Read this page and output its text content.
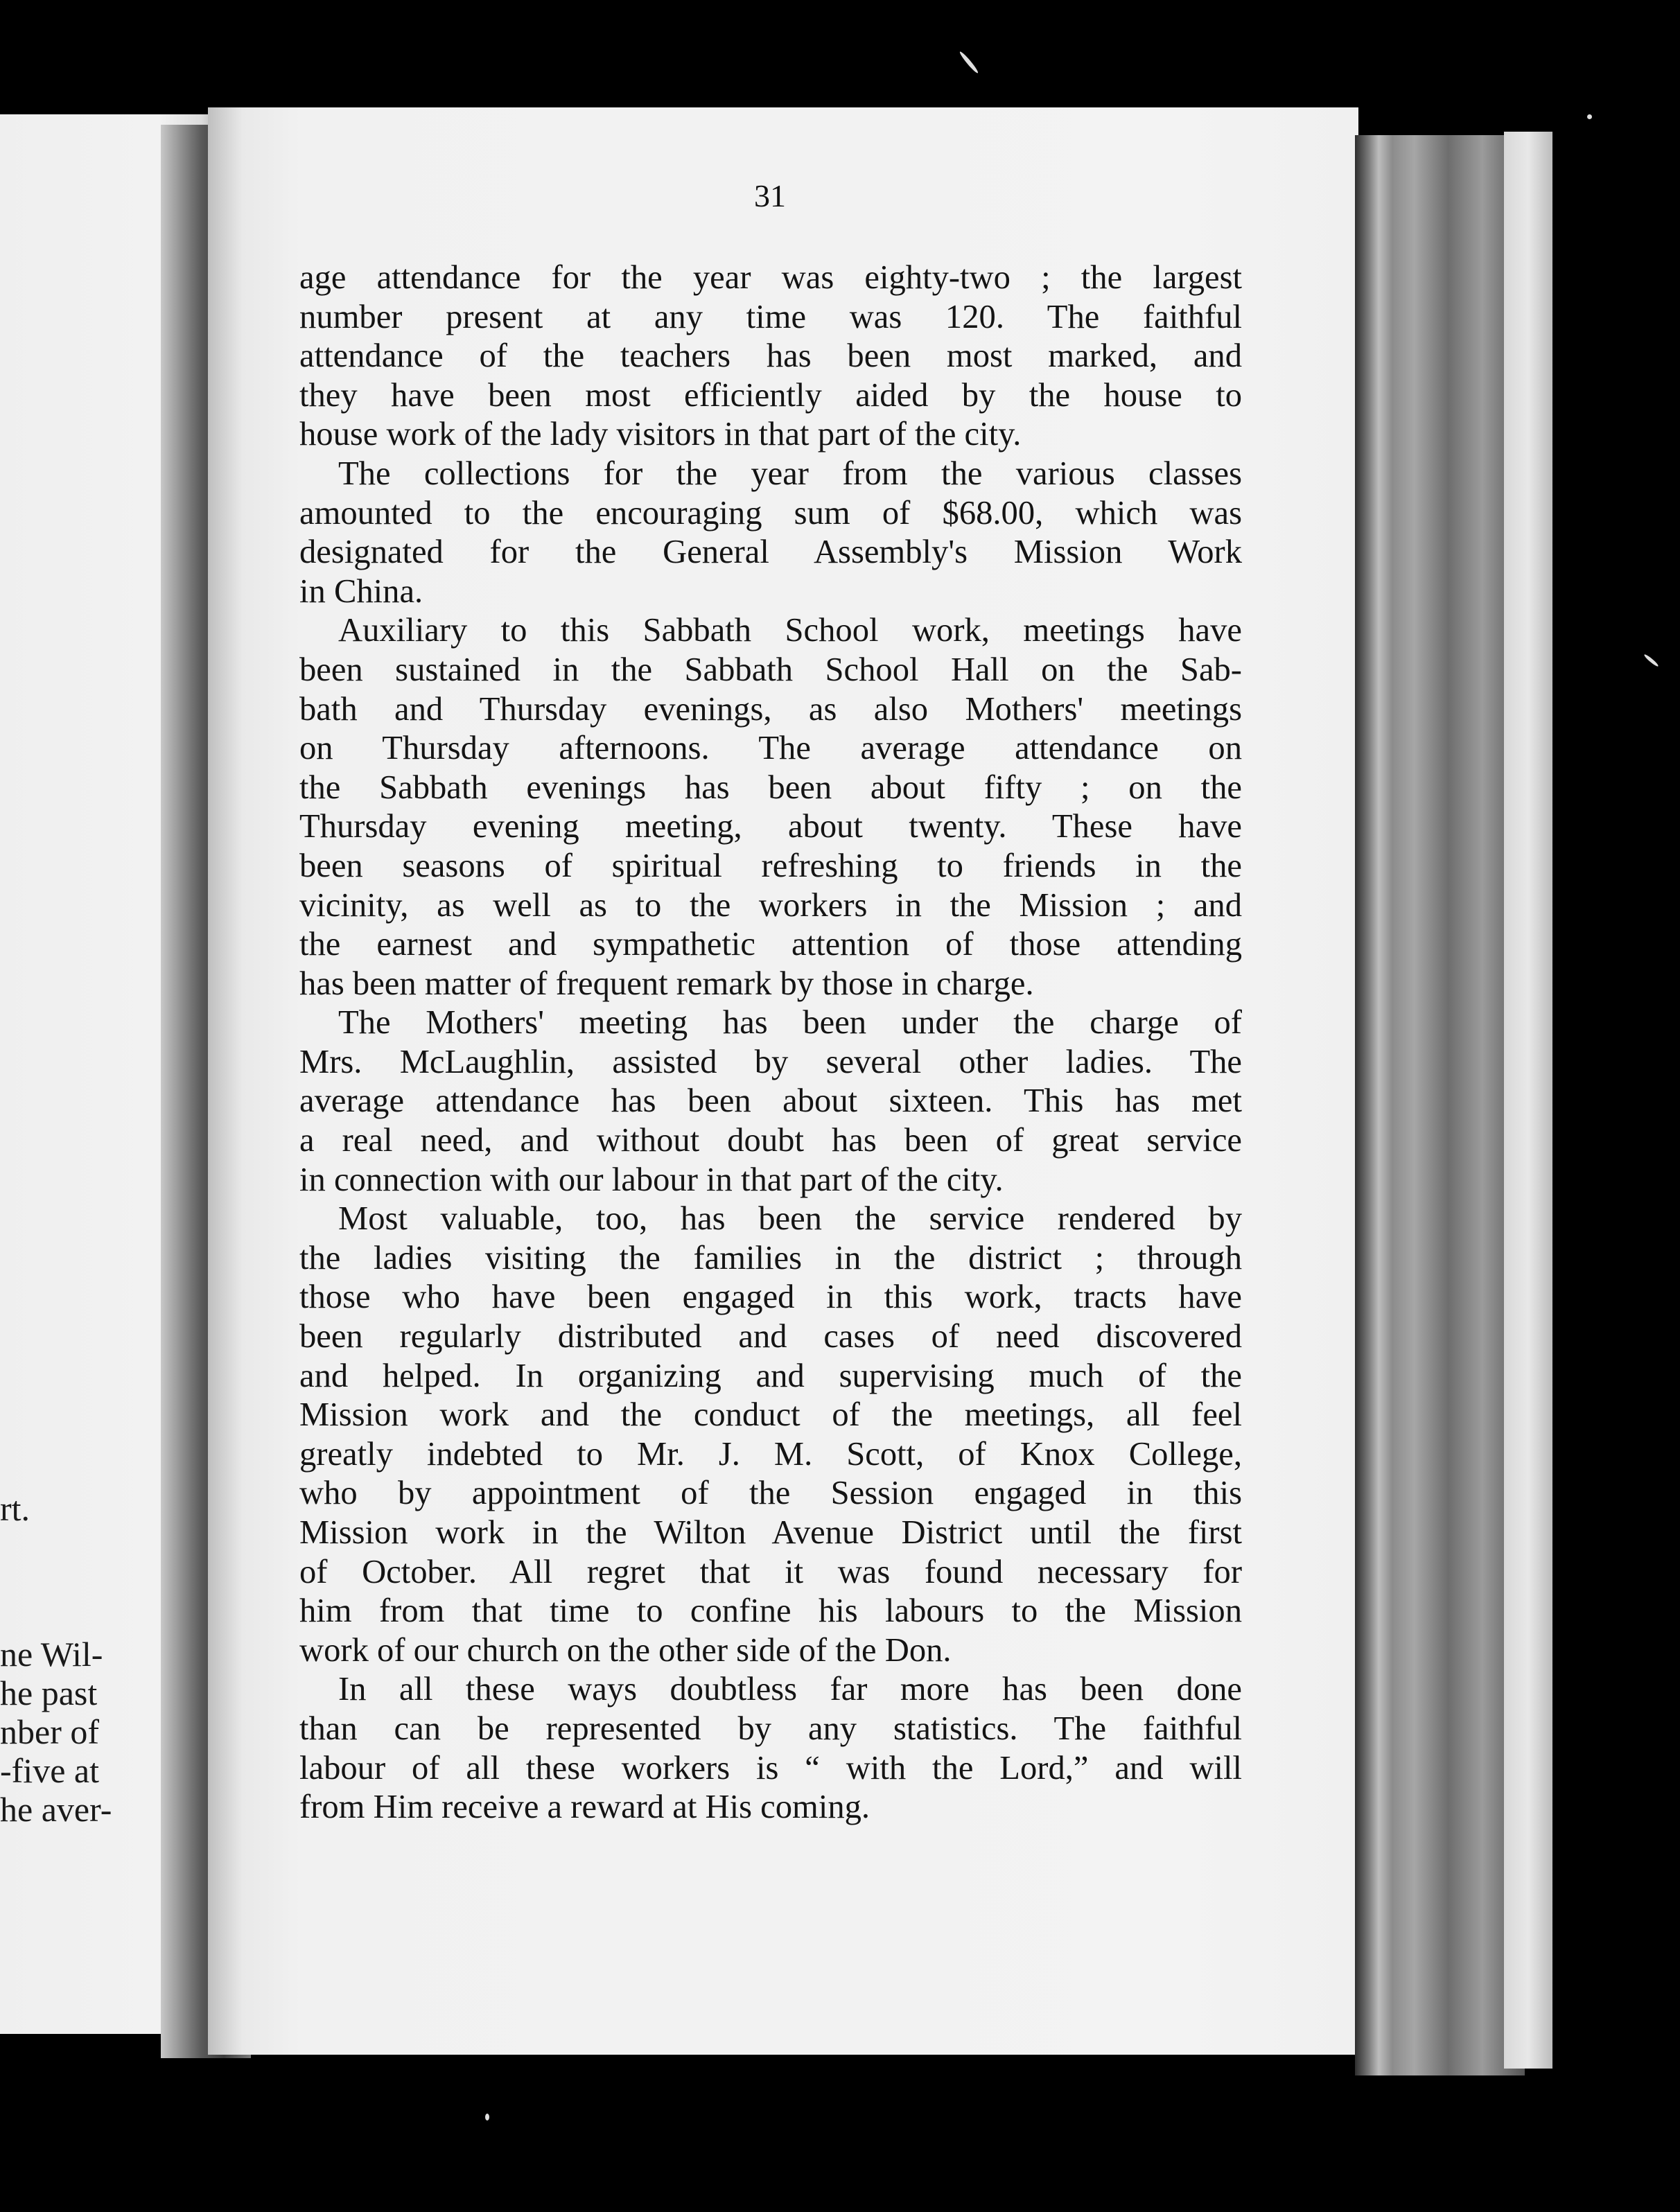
rt.
ne Wil-
he past
nber of
-five at
he aver-
31
age attendance for the year was eighty-two ; the largest
number present at any time was 120. The faithful
attendance of the teachers has been most marked, and
they have been most efficiently aided by the house to
house work of the lady visitors in that part of the city.
The collections for the year from the various classes
amounted to the encouraging sum of $68.00, which was
designated for the General Assembly's Mission Work
in China.
Auxiliary to this Sabbath School work, meetings have
been sustained in the Sabbath School Hall on the Sab-
bath and Thursday evenings, as also Mothers' meetings
on Thursday afternoons. The average attendance on
the Sabbath evenings has been about fifty ; on the
Thursday evening meeting, about twenty. These have
been seasons of spiritual refreshing to friends in the
vicinity, as well as to the workers in the Mission ; and
the earnest and sympathetic attention of those attending
has been matter of frequent remark by those in charge.
The Mothers' meeting has been under the charge of
Mrs. McLaughlin, assisted by several other ladies. The
average attendance has been about sixteen. This has met
a real need, and without doubt has been of great service
in connection with our labour in that part of the city.
Most valuable, too, has been the service rendered by
the ladies visiting the families in the district ; through
those who have been engaged in this work, tracts have
been regularly distributed and cases of need discovered
and helped. In organizing and supervising much of the
Mission work and the conduct of the meetings, all feel
greatly indebted to Mr. J. M. Scott, of Knox College,
who by appointment of the Session engaged in this
Mission work in the Wilton Avenue District until the first
of October. All regret that it was found necessary for
him from that time to confine his labours to the Mission
work of our church on the other side of the Don.
In all these ways doubtless far more has been done
than can be represented by any statistics. The faithful
labour of all these workers is “ with the Lord,” and will
from Him receive a reward at His coming.
